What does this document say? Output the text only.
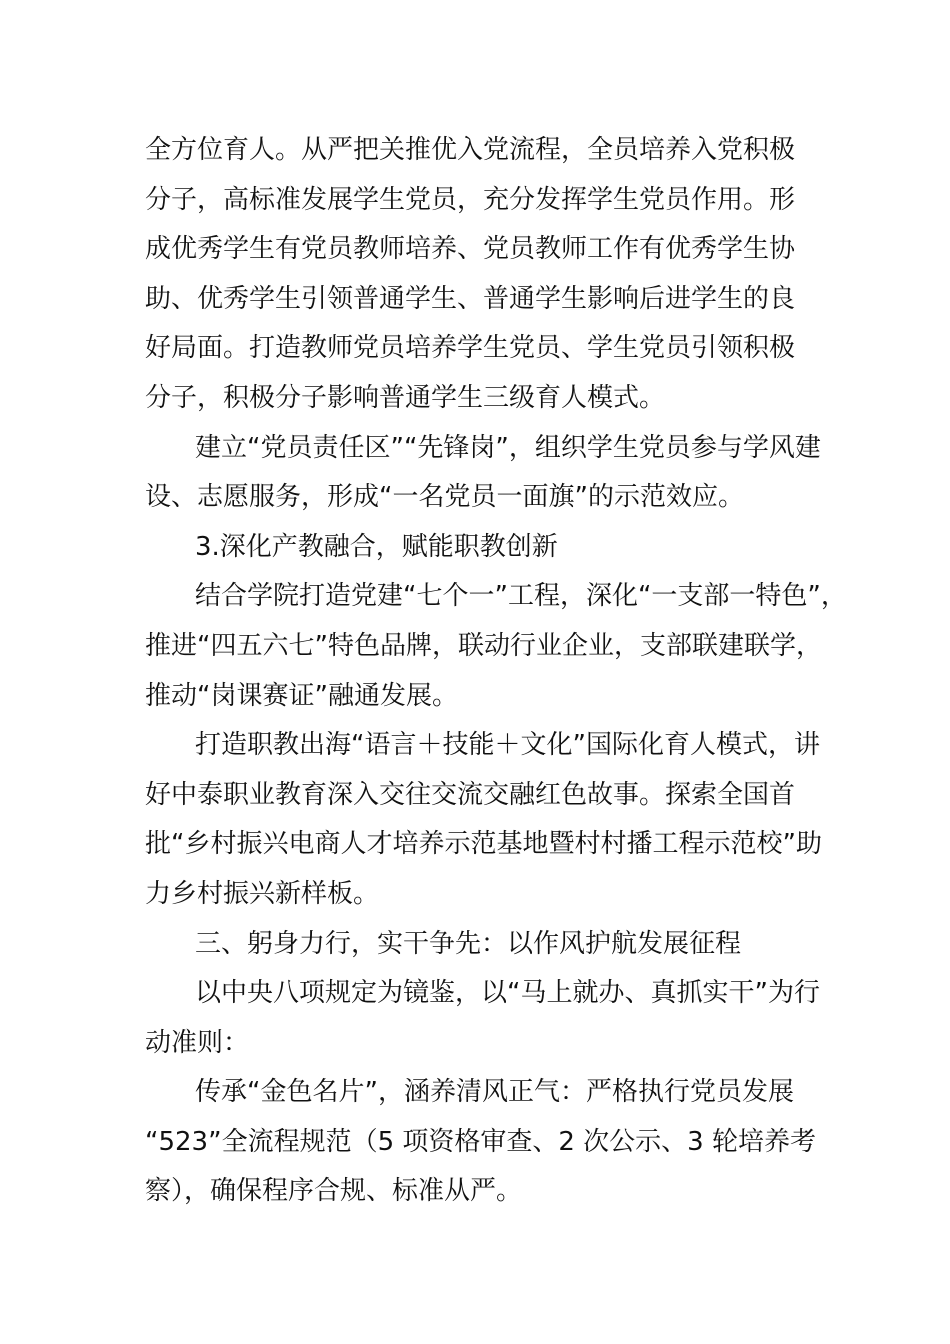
全方位育人。从严把关推优入党流程，全员培养入党积极
分子，高标准发展学生党员，充分发挥学生党员作用。形
成优秀学生有党员教师培养、党员教师工作有优秀学生协
助、优秀学生引领普通学生、普通学生影响后进学生的良
好局面。打造教师党员培养学生党员、学生党员引领积极
分子，积极分子影响普通学生三级育人模式。
建立“党员责任区”“先锋岗”，组织学生党员参与学风建
设、志愿服务，形成“一名党员一面旗”的示范效应。
3.深化产教融合，赋能职教创新
结合学院打造党建“七个一”工程，深化“一支部一特色”，
推进“四五六七”特色品牌，联动行业企业，支部联建联学，
推动“岗课赛证”融通发展。
打造职教出海“语言＋技能＋文化”国际化育人模式，讲
好中泰职业教育深入交往交流交融红色故事。探索全国首
批“乡村振兴电商人才培养示范基地暨村村播工程示范校”助
力乡村振兴新样板。
三、躬身力行，实干争先：以作风护航发展征程
以中央八项规定为镜鉴，以“马上就办、真抓实干”为行
动准则：
传承“金色名片”，涵养清风正气：严格执行党员发展
“523”全流程规范（5 项资格审查、2 次公示、3 轮培养考
察），确保程序合规、标准从严。
